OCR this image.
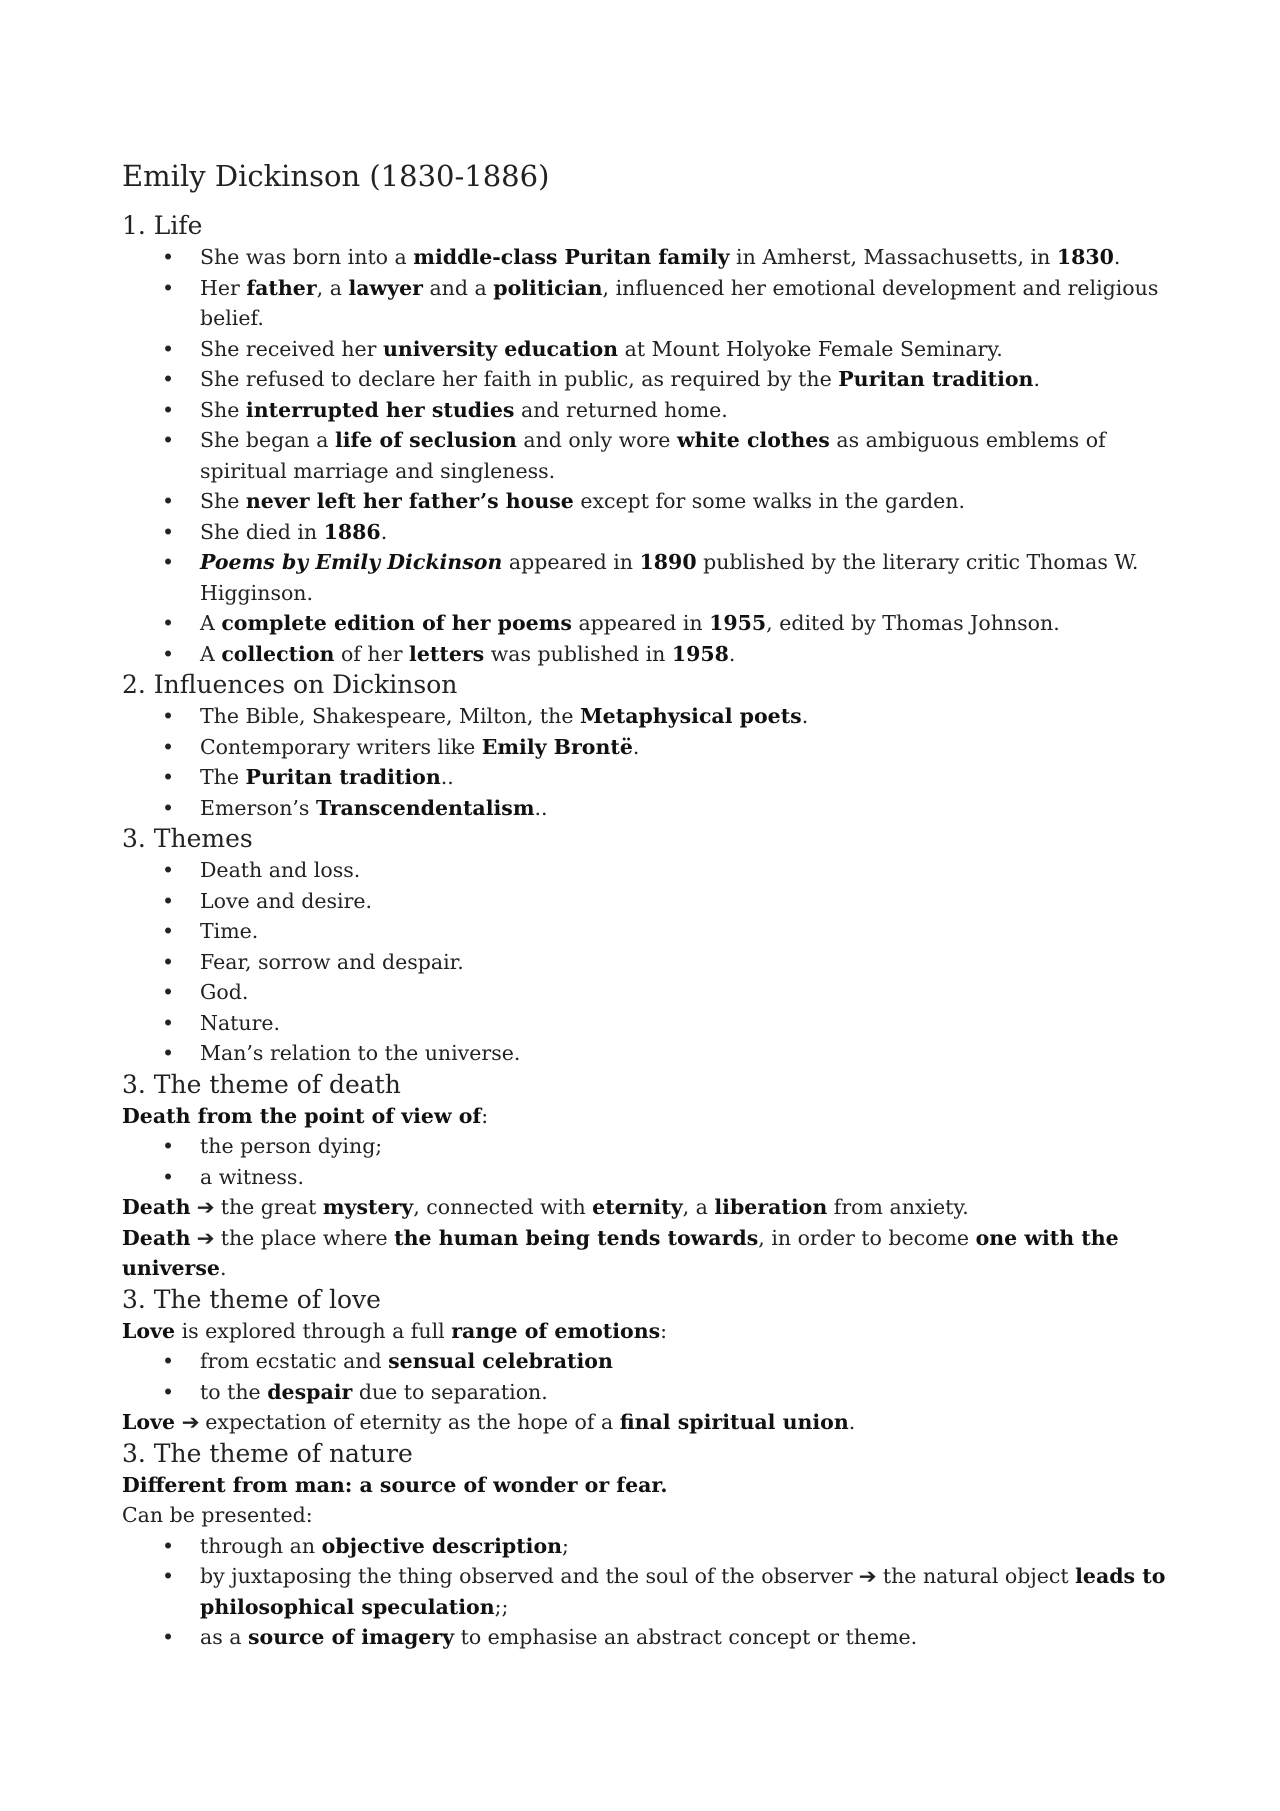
Emily Dickinson (1830-1886)
1. Life
• She was born into a middle-class Puritan family in Amherst, Massachusetts, in 1830.
• Her father, a lawyer and a politician, influenced her emotional development and religious belief.
• She received her university education at Mount Holyoke Female Seminary.
• She refused to declare her faith in public, as required by the Puritan tradition.
• She interrupted her studies and returned home.
• She began a life of seclusion and only wore white clothes as ambiguous emblems of spiritual marriage and singleness.
• She never left her father’s house except for some walks in the garden.
• She died in 1886.
• Poems by Emily Dickinson appeared in 1890 published by the literary critic Thomas W. Higginson.
• A complete edition of her poems appeared in 1955, edited by Thomas Johnson.
• A collection of her letters was published in 1958.
2. Influences on Dickinson
• The Bible, Shakespeare, Milton, the Metaphysical poets.
• Contemporary writers like Emily Brontë.
• The Puritan tradition..
• Emerson’s Transcendentalism..
3. Themes
• Death and loss.
• Love and desire.
• Time.
• Fear, sorrow and despair.
• God.
• Nature.
• Man’s relation to the universe.
3. The theme of death

Death from the point of view of:

• the person dying;
• a witness.

Death ➔ the great mystery, connected with eternity, a liberation from anxiety.

Death ➔ the place where the human being tends towards, in order to become one with the universe.

3. The theme of love

Love is explored through a full range of emotions:

• from ecstatic and sensual celebration
• to the despair due to separation.

Love ➔ expectation of eternity as the hope of a final spiritual union.

3. The theme of nature

Different from man: a source of wonder or fear.

Can be presented:

• through an objective description;
• by juxtaposing the thing observed and the soul of the observer ➔ the natural object leads to philosophical speculation;;
• as a source of imagery to emphasise an abstract concept or theme.
